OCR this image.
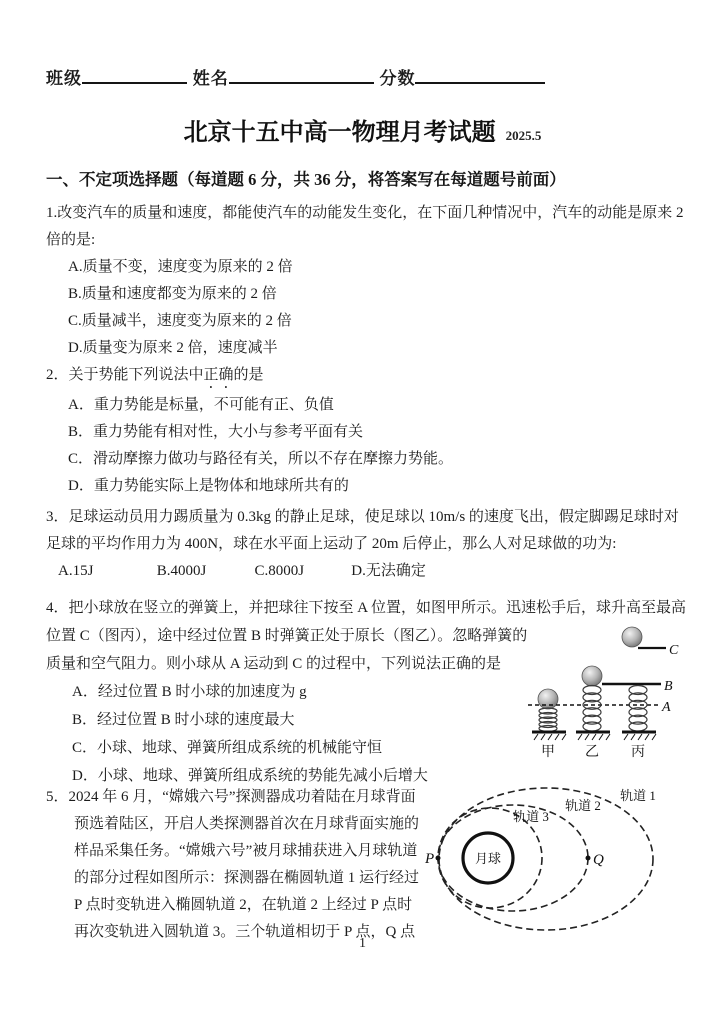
班级	姓名	分数
北京十五中高一物理月考试题 2025.5
一、不定项选择题（每道题 6 分，共 36 分，将答案写在每道题号前面）
1.改变汽车的质量和速度，都能使汽车的动能发生变化，在下面几种情况中，汽车的动能是原来 2
倍的是:
A.质量不变，速度变为原来的 2 倍
B.质量和速度都变为原来的 2 倍
C.质量减半，速度变为原来的 2 倍
D.质量变为原来 2 倍，速度减半
2．关于势能下列说法中正确的是
A．重力势能是标量，不可能有正、负值
B．重力势能有相对性，大小与参考平面有关
C．滑动摩擦力做功与路径有关，所以不存在摩擦力势能。
D．重力势能实际上是物体和地球所共有的
3．足球运动员用力踢质量为 0.3kg 的静止足球，使足球以 10m/s 的速度飞出，假定脚踢足球时对
足球的平均作用力为 400N，球在水平面上运动了 20m 后停止，那么人对足球做的功为:
A.15J	B.4000J	C.8000J	D.无法确定
4．把小球放在竖立的弹簧上，并把球往下按至 A 位置，如图甲所示。迅速松手后，球升高至最高
位置 C（图丙），途中经过位置 B 时弹簧正处于原长（图乙）。忽略弹簧的
质量和空气阻力。则小球从 A 运动到 C 的过程中，下列说法正确的是
A．经过位置 B 时小球的加速度为 g
B．经过位置 B 时小球的速度最大
C．小球、地球、弹簧所组成系统的机械能守恒
D．小球、地球、弹簧所组成系统的势能先减小后增大
C
B
A
甲 乙 丙
5．2024 年 6 月，“嫦娥六号”探测器成功着陆在月球背面
预选着陆区，开启人类探测器首次在月球背面实施的
样品采集任务。“嫦娥六号”被月球捕获进入月球轨道
的部分过程如图所示：探测器在椭圆轨道 1 运行经过
P 点时变轨进入椭圆轨道 2，在轨道 2 上经过 P 点时
再次变轨进入圆轨道 3。三个轨道相切于 P 点，Q 点
月球
P	Q
轨道 3
轨道 2
轨道 1
1
